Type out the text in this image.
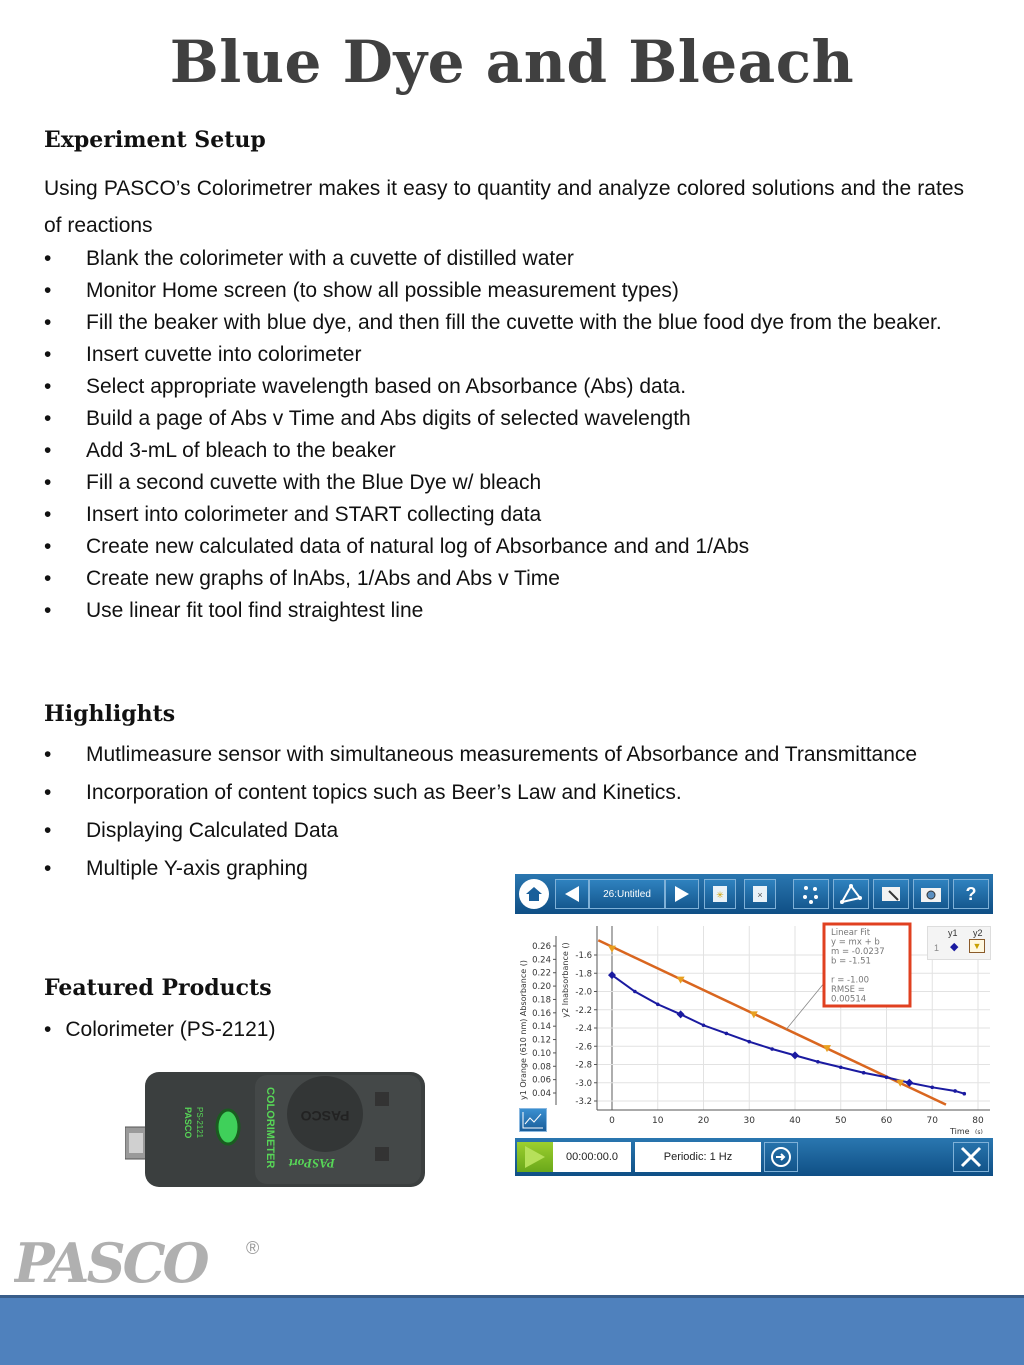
Blue Dye and Bleach
Experiment Setup
Using PASCO’s Colorimetrer makes it easy to quantity and analyze colored solutions and the rates of reactions
• Blank the colorimeter with a cuvette of distilled water
• Monitor Home screen (to show all possible measurement types)
• Fill the beaker with blue dye, and then fill the cuvette with the blue food dye from the beaker.
• Insert cuvette into colorimeter
• Select appropriate wavelength based on Absorbance (Abs) data.
• Build a page of Abs v Time and Abs digits of selected wavelength
• Add 3-mL of bleach to the beaker
• Fill a second cuvette with the Blue Dye w/ bleach
• Insert into colorimeter and START collecting data
• Create new calculated data of natural log of Absorbance and and 1/Abs
• Create new graphs of lnAbs, 1/Abs and Abs v Time
• Use linear fit tool find straightest line
Highlights
• Mutlimeasure sensor with simultaneous measurements of Absorbance and Transmittance
• Incorporation of content topics such as Beer’s Law and Kinetics.
• Displaying Calculated Data
• Multiple Y-axis graphing
Featured Products
• Colorimeter (PS-2121)
COLORIMETER PASCO
PASCO PS-2121
PASPort
26:Untitled	✳	×	?
0	10	20	30	40	50	60	70	80
-1.6
-1.8
-2.0
-2.2
-2.4
-2.6
-2.8
-3.0
-3.2
0.26
0.24
0.22
0.20
0.18
0.16
0.14
0.12
0.10
0.08
0.06
0.04
y1 Orange (610 nm) Absorbance ()	y2 lnabsorbance ()
Time (s)
Linear Fit
y = mx + b
m = -0.0237
b = -1.51
r = -1.00
RMSE =
0.00514
y1 y2
1 ◆	▼
00:00:00.0	Periodic: 1 Hz
PASCO ®
